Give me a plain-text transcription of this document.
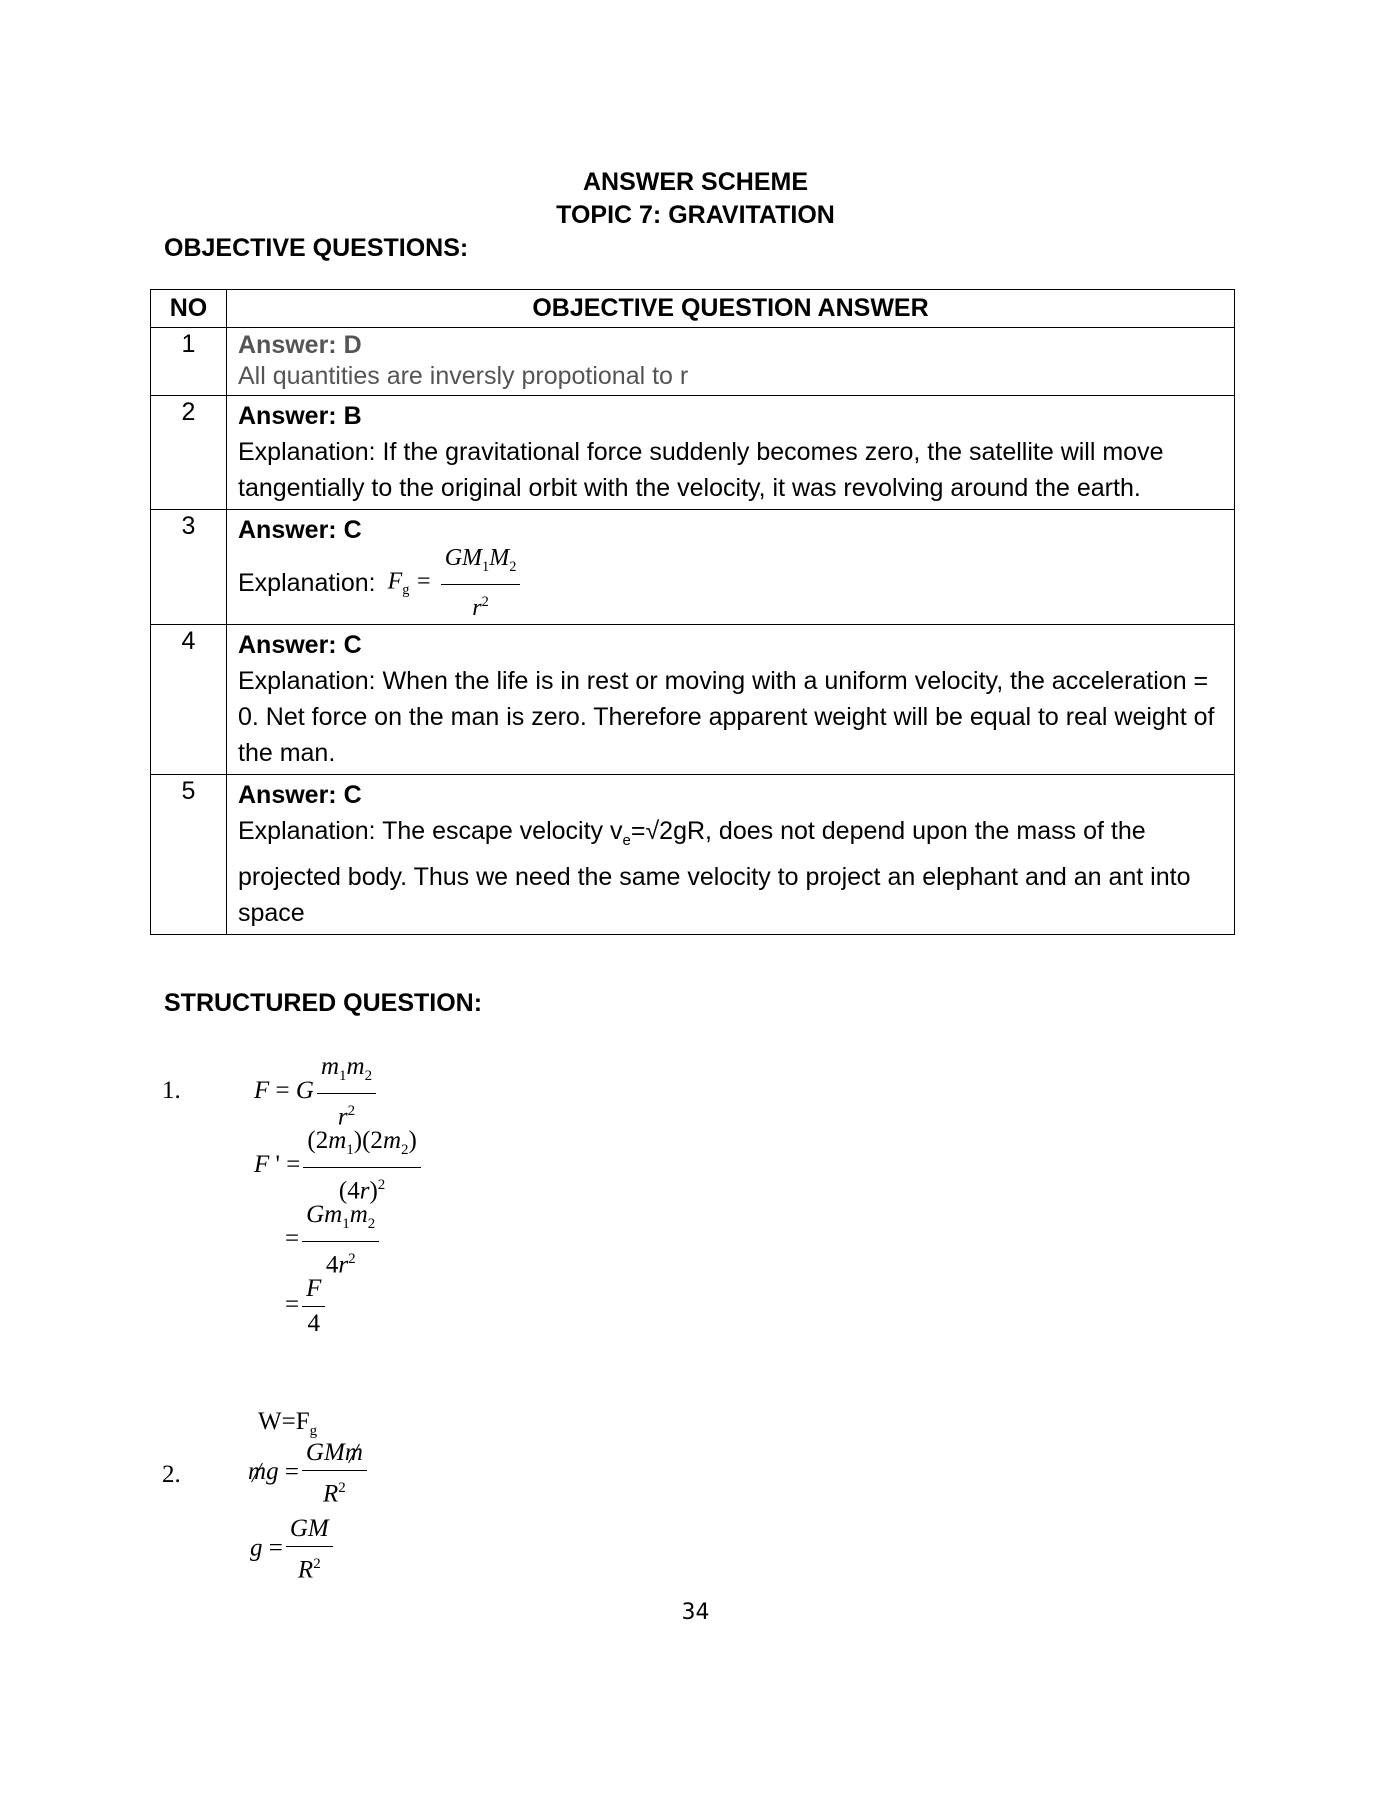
ANSWER SCHEME
TOPIC 7: GRAVITATION
OBJECTIVE QUESTIONS:
NO	OBJECTIVE QUESTION ANSWER
1	Answer: D
All quantities are inversly propotional to r

2	Answer: B
Explanation: If the gravitational force suddenly becomes zero, the satellite will move tangentially to the original orbit with the velocity, it was revolving around the earth.

3	Answer: C
Explanation: $F_g = \frac{GM_1M_2}{r^2}$

4	Answer: C
Explanation: When the life is in rest or moving with a uniform velocity, the acceleration = 0. Net force on the man is zero. Therefore apparent weight will be equal to real weight of the man.

5	Answer: C
Explanation: The escape velocity $v_e=√2gR$, does not depend upon the mass of the projected body. Thus we need the same velocity to project an elephant and an ant into space
STRUCTURED QUESTION:
1.	F = G $\frac{m_1m_2}{r^2}$
F ' = $\frac{(2m_1)(2m_2)}{(4r)^2}$
= $\frac{Gm_1m_2}{4r^2}$
= $\frac{F}{4}$
$W=F_g$
2.	mg = $\frac{\text{GMm}}{R^2}$
$g = \frac{GM}{R^2}$
34
